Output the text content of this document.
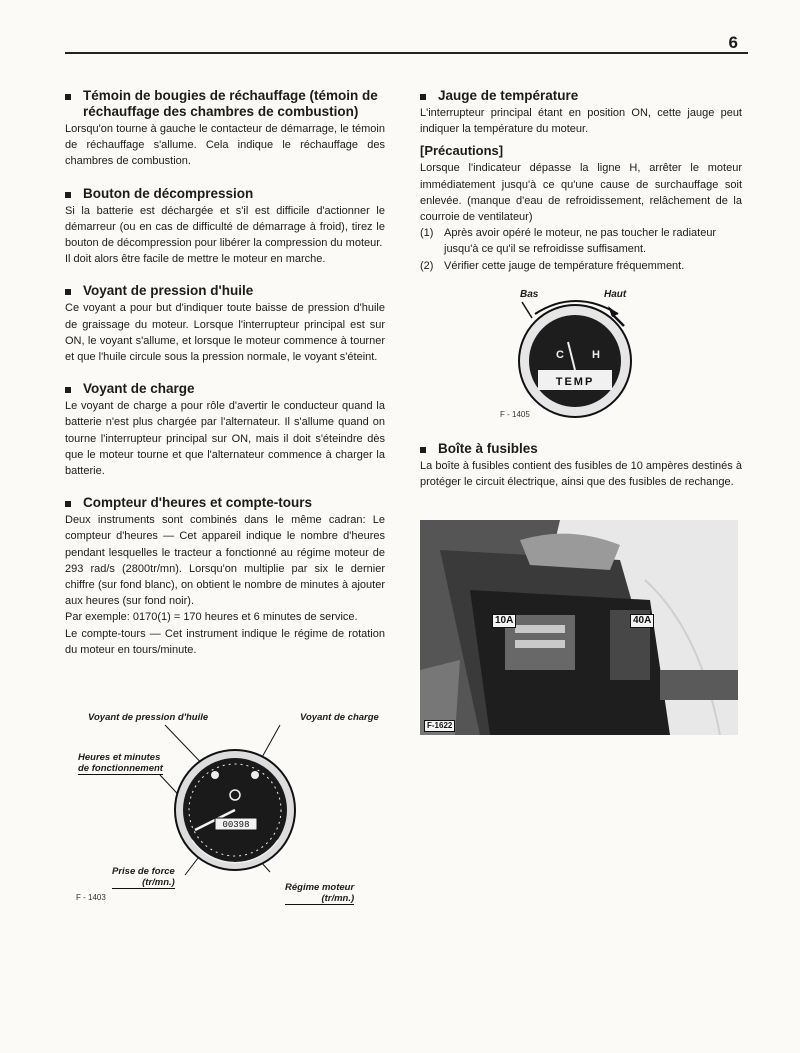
6
Témoin de bougies de réchauffage (témoin de réchauffage des chambres de combustion)

Lorsqu'on tourne à gauche le contacteur de démarrage, le témoin de réchauffage s'allume. Cela indique le réchauffage des chambres de combustion.

Bouton de décompression

Si la batterie est déchargée et s'il est difficile d'actionner le démarreur (ou en cas de difficulté de démarrage à froid), tirez le bouton de décompression pour libérer la compression du moteur.

Il doit alors être facile de mettre le moteur en marche.

Voyant de pression d'huile

Ce voyant a pour but d'indiquer toute baisse de pression d'huile de graissage du moteur. Lorsque l'interrupteur principal est sur ON, le voyant s'allume, et lorsque le moteur commence à tourner et que l'huile circule sous la pression normale, le voyant s'éteint.

Voyant de charge

Le voyant de charge a pour rôle d'avertir le conducteur quand la batterie n'est plus chargée par l'alternateur. Il s'allume quand on tourne l'interrupteur principal sur ON, mais il doit s'éteindre dès que le moteur tourne et que l'alternateur commence à charger la batterie.

Compteur d'heures et compte-tours

Deux instruments sont combinés dans le même cadran: Le compteur d'heures — Cet appareil indique le nombre d'heures pendant lesquelles le tracteur a fonctionné au régime moteur de 293 rad/s (2800tr/mn). Lorsqu'on multiplie par six le dernier chiffre (sur fond blanc), on obtient le nombre de minutes à ajouter aux heures (sur fond noir).

Par exemple: 0170(1) = 170 heures et 6 minutes de service.

Le compte-tours — Cet instrument indique le régime de rotation du moteur en tours/minute.

00398
Voyant de pression d'huile	Voyant de charge
Heures et minutes
de fonctionnement
Prise de force
(tr/mn.)	Régime moteur
(tr/mn.)
F - 1403
Jauge de température

L'interrupteur principal étant en position ON, cette jauge peut indiquer la température du moteur.

[Précautions]

Lorsque l'indicateur dépasse la ligne H, arrêter le moteur immédiatement jusqu'à ce qu'une cause de surchauffage soit enlevée. (manque d'eau de refroidissement, relâchement de la courroie de ventilateur)

(1) Après avoir opéré le moteur, ne pas toucher le radiateur jusqu'à ce qu'il se refroidisse suffisament.
(2) Vérifier cette jauge de température fréquemment.
C	H
TEMP
Bas	Haut
F - 1405
Boîte à fusibles

La boîte à fusibles contient des fusibles de 10 ampères destinés à protéger le circuit électrique, ainsi que des fusibles de rechange.

10A	40A
F-1622
